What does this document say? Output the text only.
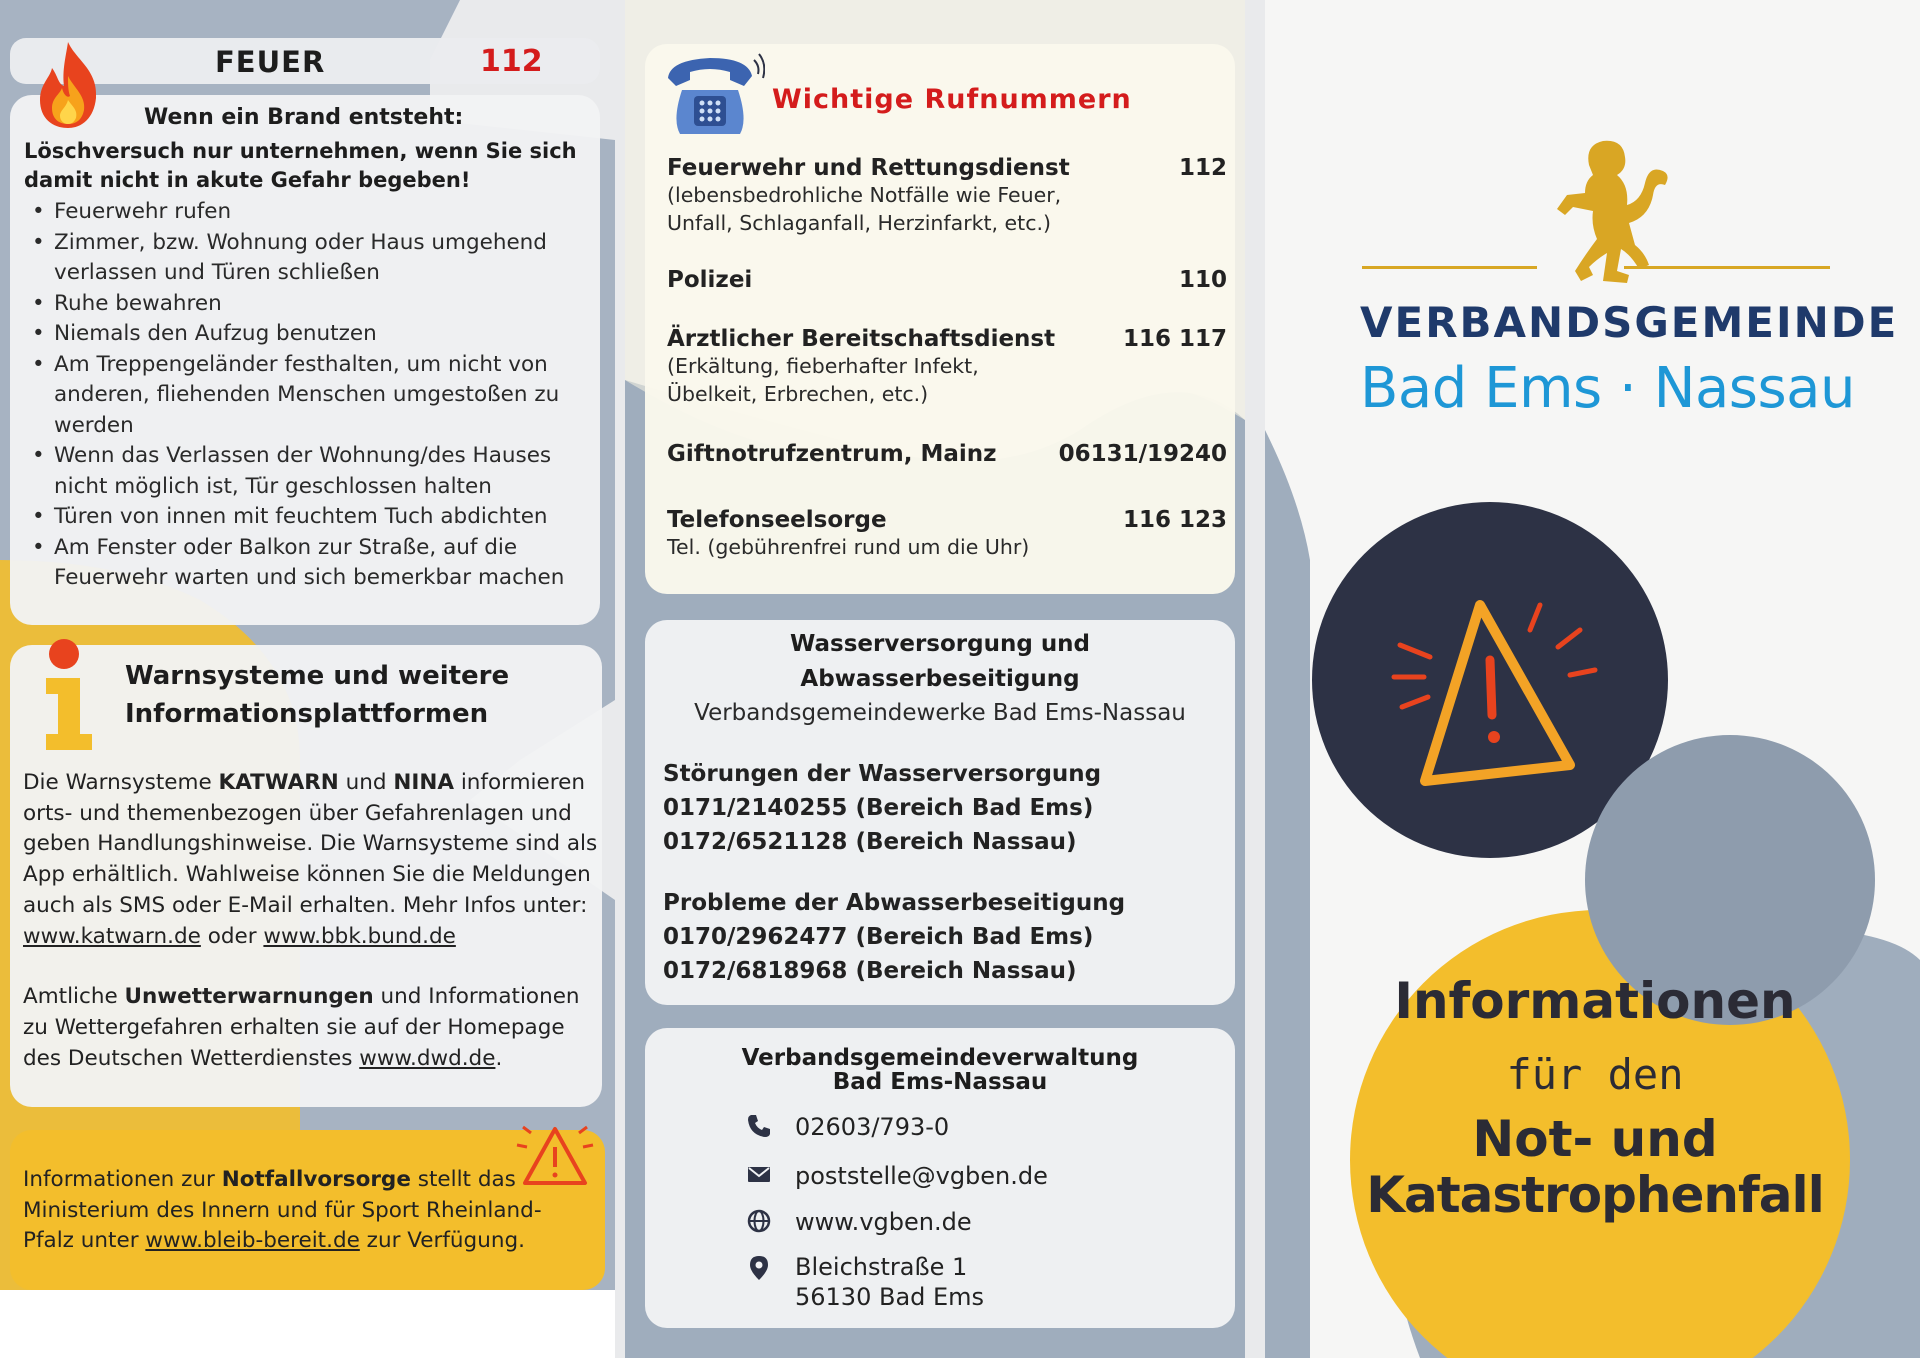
FEUER	112
Wenn ein Brand entsteht:
Löschversuch nur unternehmen, wenn Sie sich damit nicht in akute Gefahr begeben!
• Feuerwehr rufen
• Zimmer, bzw. Wohnung oder Haus umgehend verlassen und Türen schließen
• Ruhe bewahren
• Niemals den Aufzug benutzen
• Am Treppengeländer festhalten, um nicht von anderen, fliehenden Menschen umgestoßen zu werden
• Wenn das Verlassen der Wohnung/des Hauses nicht möglich ist, Tür geschlossen halten
• Türen von innen mit feuchtem Tuch abdichten
• Am Fenster oder Balkon zur Straße, auf die Feuerwehr warten und sich bemerkbar machen
Warnsysteme und weitere
Informationsplattformen
Die Warnsysteme KATWARN und NINA informieren orts- und themenbezogen über Gefahrenlagen und geben Handlungshinweise. Die Warnsysteme sind als App erhältlich. Wahlweise können Sie die Meldungen auch als SMS oder E-Mail erhalten. Mehr Infos unter:
www.katwarn.de oder www.bbk.bund.de
Amtliche Unwetterwarnungen und Informationen zu Wettergefahren erhalten sie auf der Homepage des Deutschen Wetterdienstes www.dwd.de.
Informationen zur Notfallvorsorge stellt das Ministerium des Innern und für Sport Rheinland-Pfalz unter www.bleib-bereit.de zur Verfügung.
Wichtige Rufnummern
Feuerwehr und Rettungsdienst	112
(lebensbedrohliche Notfälle wie Feuer, Unfall, Schlaganfall, Herzinfarkt, etc.)
Polizei	110
Ärztlicher Bereitschaftsdienst	116 117
(Erkältung, fieberhafter Infekt, Übelkeit, Erbrechen, etc.)
Giftnotrufzentrum, Mainz	06131/19240
Telefonseelsorge	116 123
Tel. (gebührenfrei rund um die Uhr)
Wasserversorgung und
Abwasserbeseitigung
Verbandsgemeindewerke Bad Ems-Nassau
Störungen der Wasserversorgung
0171/2140255 (Bereich Bad Ems)
0172/6521128 (Bereich Nassau)
Probleme der Abwasserbeseitigung
0170/2962477 (Bereich Bad Ems)
0172/6818968 (Bereich Nassau)
Verbandsgemeindeverwaltung
Bad Ems-Nassau
02603/793-0
poststelle@vgben.de
www.vgben.de
Bleichstraße 1
56130 Bad Ems
VERBANDSGEMEINDE
Bad Ems · Nassau
Informationen
für den
Not- und
Katastrophenfall
